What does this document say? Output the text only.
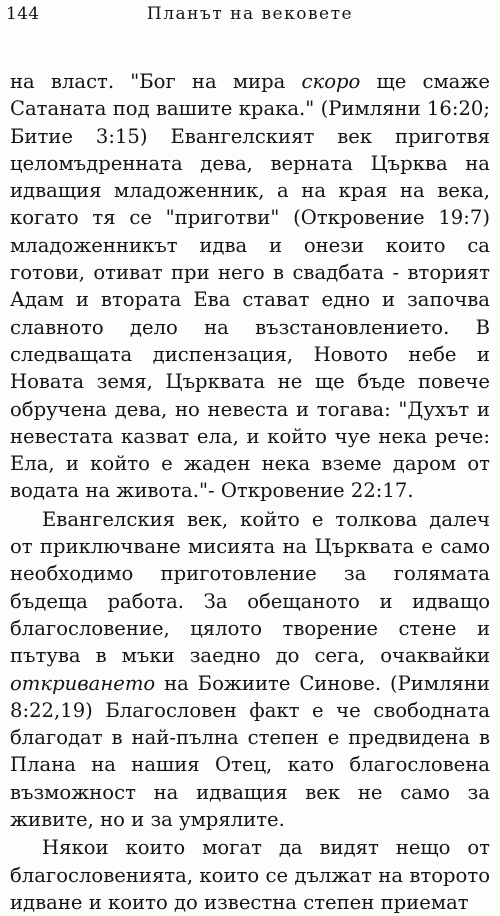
144	Планът на вековете

на власт. "Бог на мира скоро ще смаже Сатаната под вашите крака." (Римляни 16:20; Битие 3:15) Евангелският век приготвя целомъдренната дева, верната Църква на идващия младоженник, а на края на века, когато тя се "приготви" (Откровение 19:7) младоженникът идва и онези които са готови, отиват при него в свадбата - вторият Адам и втората Ева стават едно и започва славното дело на възстановлението. В следващата диспензация, Новото небе и Новата земя, Църквата не ще бъде повече обручена дева, но невеста и тогава: "Духът и невестата казват ела, и който чуе нека рече: Ела, и който е жаден нека вземе даром от водата на живота."- Откровение 22:17.

Евангелския век, който е толкова далеч от приключване мисията на Църквата е само необходимо приготовление за голямата бъдеща работа. За обещаното и идващо благословение, цялото творение стене и пътува в мъки заедно до сега, очаквайки откриването на Божиите Синове. (Римляни 8:22,19) Благословен факт е че свободната благодат в най-пълна степен е предвидена в Плана на нашия Отец, като благословена възможност на идващия век не само за живите, но и за умрялите.

Някои които могат да видят нещо от благословенията, които се дължат на второто идване и които до известна степен приемат
